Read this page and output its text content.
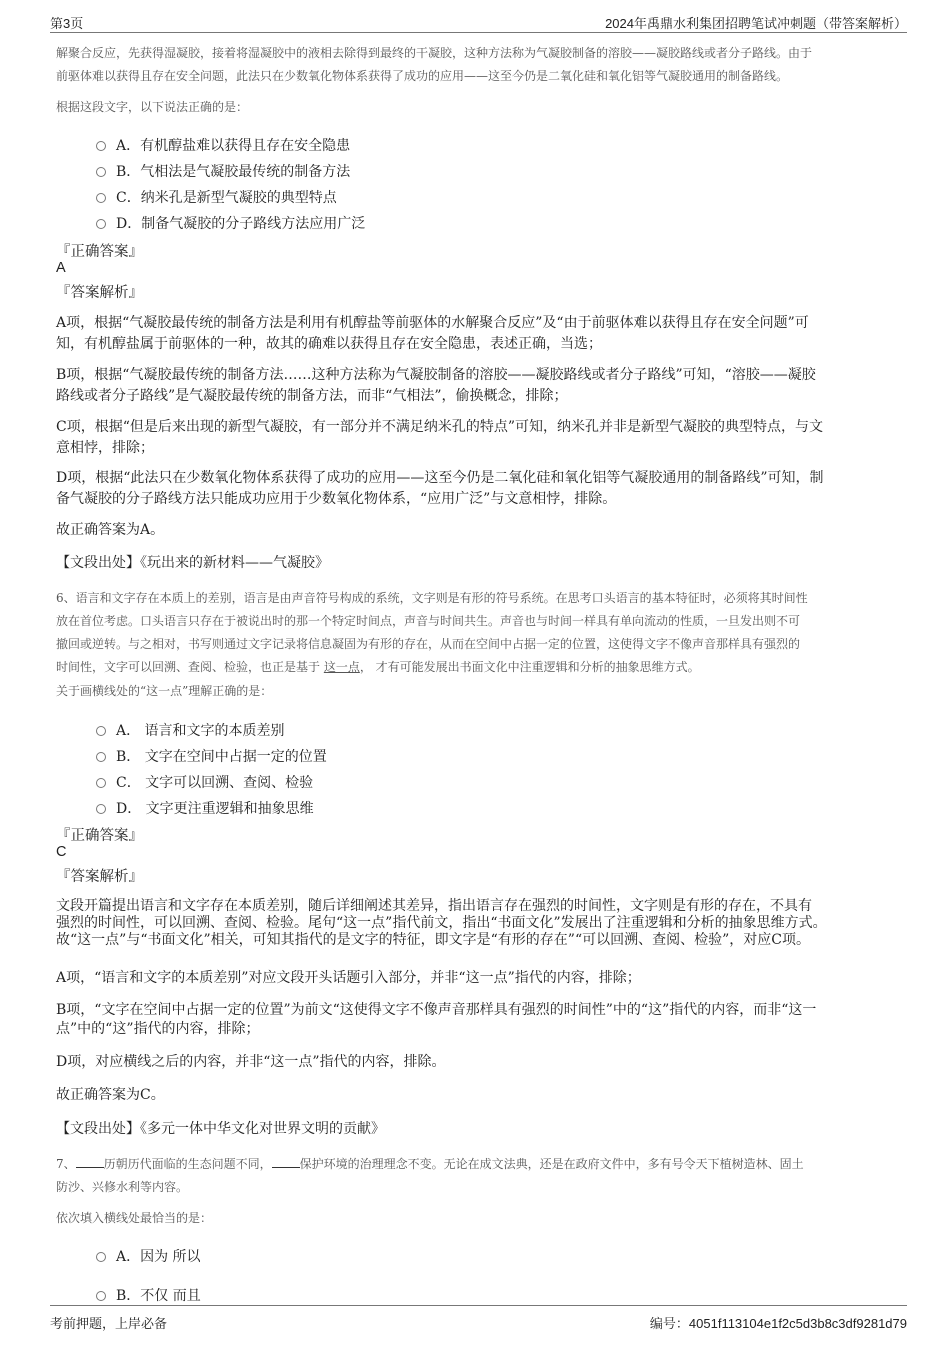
第3页	2024年禹鼎水利集团招聘笔试冲刺题（带答案解析）
解聚合反应，先获得湿凝胶，接着将湿凝胶中的液相去除得到最终的干凝胶，这种方法称为气凝胶制备的溶胶——凝胶路线或者分子路线。由于
前驱体难以获得且存在安全问题，此法只在少数氧化物体系获得了成功的应用——这至今仍是二氧化硅和氧化铝等气凝胶通用的制备路线。
根据这段文字，以下说法正确的是：
A．有机醇盐难以获得且存在安全隐患
B．气相法是气凝胶最传统的制备方法
C．纳米孔是新型气凝胶的典型特点
D．制备气凝胶的分子路线方法应用广泛
『正确答案』
A
『答案解析』
A项，根据“气凝胶最传统的制备方法是利用有机醇盐等前驱体的水解聚合反应”及“由于前驱体难以获得且存在安全问题”可
知，有机醇盐属于前驱体的一种，故其的确难以获得且存在安全隐患，表述正确，当选；
B项，根据“气凝胶最传统的制备方法……这种方法称为气凝胶制备的溶胶——凝胶路线或者分子路线”可知，“溶胶——凝胶
路线或者分子路线”是气凝胶最传统的制备方法，而非“气相法”，偷换概念，排除；
C项，根据“但是后来出现的新型气凝胶，有一部分并不满足纳米孔的特点”可知，纳米孔并非是新型气凝胶的典型特点，与文
意相悖，排除；
D项，根据“此法只在少数氧化物体系获得了成功的应用——这至今仍是二氧化硅和氧化铝等气凝胶通用的制备路线”可知，制
备气凝胶的分子路线方法只能成功应用于少数氧化物体系，“应用广泛”与文意相悖，排除。
故正确答案为A。
【文段出处】《玩出来的新材料——气凝胶》
6、语言和文字存在本质上的差别，语言是由声音符号构成的系统，文字则是有形的符号系统。在思考口头语言的基本特征时，必须将其时间性
放在首位考虑。口头语言只存在于被说出时的那一个特定时间点，声音与时间共生。声音也与时间一样具有单向流动的性质，一旦发出则不可
撤回或逆转。与之相对，书写则通过文字记录将信息凝固为有形的存在，从而在空间中占据一定的位置，这使得文字不像声音那样具有强烈的
时间性，文字可以回溯、查阅、检验，也正是基于 这一点， 才有可能发展出书面文化中注重逻辑和分析的抽象思维方式。
关于画横线处的“这一点”理解正确的是：
A． 语言和文字的本质差别
B． 文字在空间中占据一定的位置
C． 文字可以回溯、查阅、检验
D． 文字更注重逻辑和抽象思维
『正确答案』
C
『答案解析』
文段开篇提出语言和文字存在本质差别，随后详细阐述其差异，指出语言存在强烈的时间性，文字则是有形的存在，不具有
强烈的时间性，可以回溯、查阅、检验。尾句“这一点”指代前文，指出“书面文化”发展出了注重逻辑和分析的抽象思维方式。
故“这一点”与“书面文化”相关，可知其指代的是文字的特征，即文字是“有形的存在”“可以回溯、查阅、检验”，对应C项。
A项，“语言和文字的本质差别”对应文段开头话题引入部分，并非“这一点”指代的内容，排除；
B项，“文字在空间中占据一定的位置”为前文“这使得文字不像声音那样具有强烈的时间性”中的“这”指代的内容，而非“这一
点”中的“这”指代的内容，排除；
D项，对应横线之后的内容，并非“这一点”指代的内容，排除。
故正确答案为C。
【文段出处】《多元一体中华文化对世界文明的贡献》
7、 历朝历代面临的生态问题不同， 保护环境的治理理念不变。无论在成文法典，还是在政府文件中，多有号令天下植树造林、固土
防沙、兴修水利等内容。
依次填入横线处最恰当的是：
A．因为 所以
B．不仅 而且
考前押题，上岸必备	编号：4051f113104e1f2c5d3b8c3df9281d79
